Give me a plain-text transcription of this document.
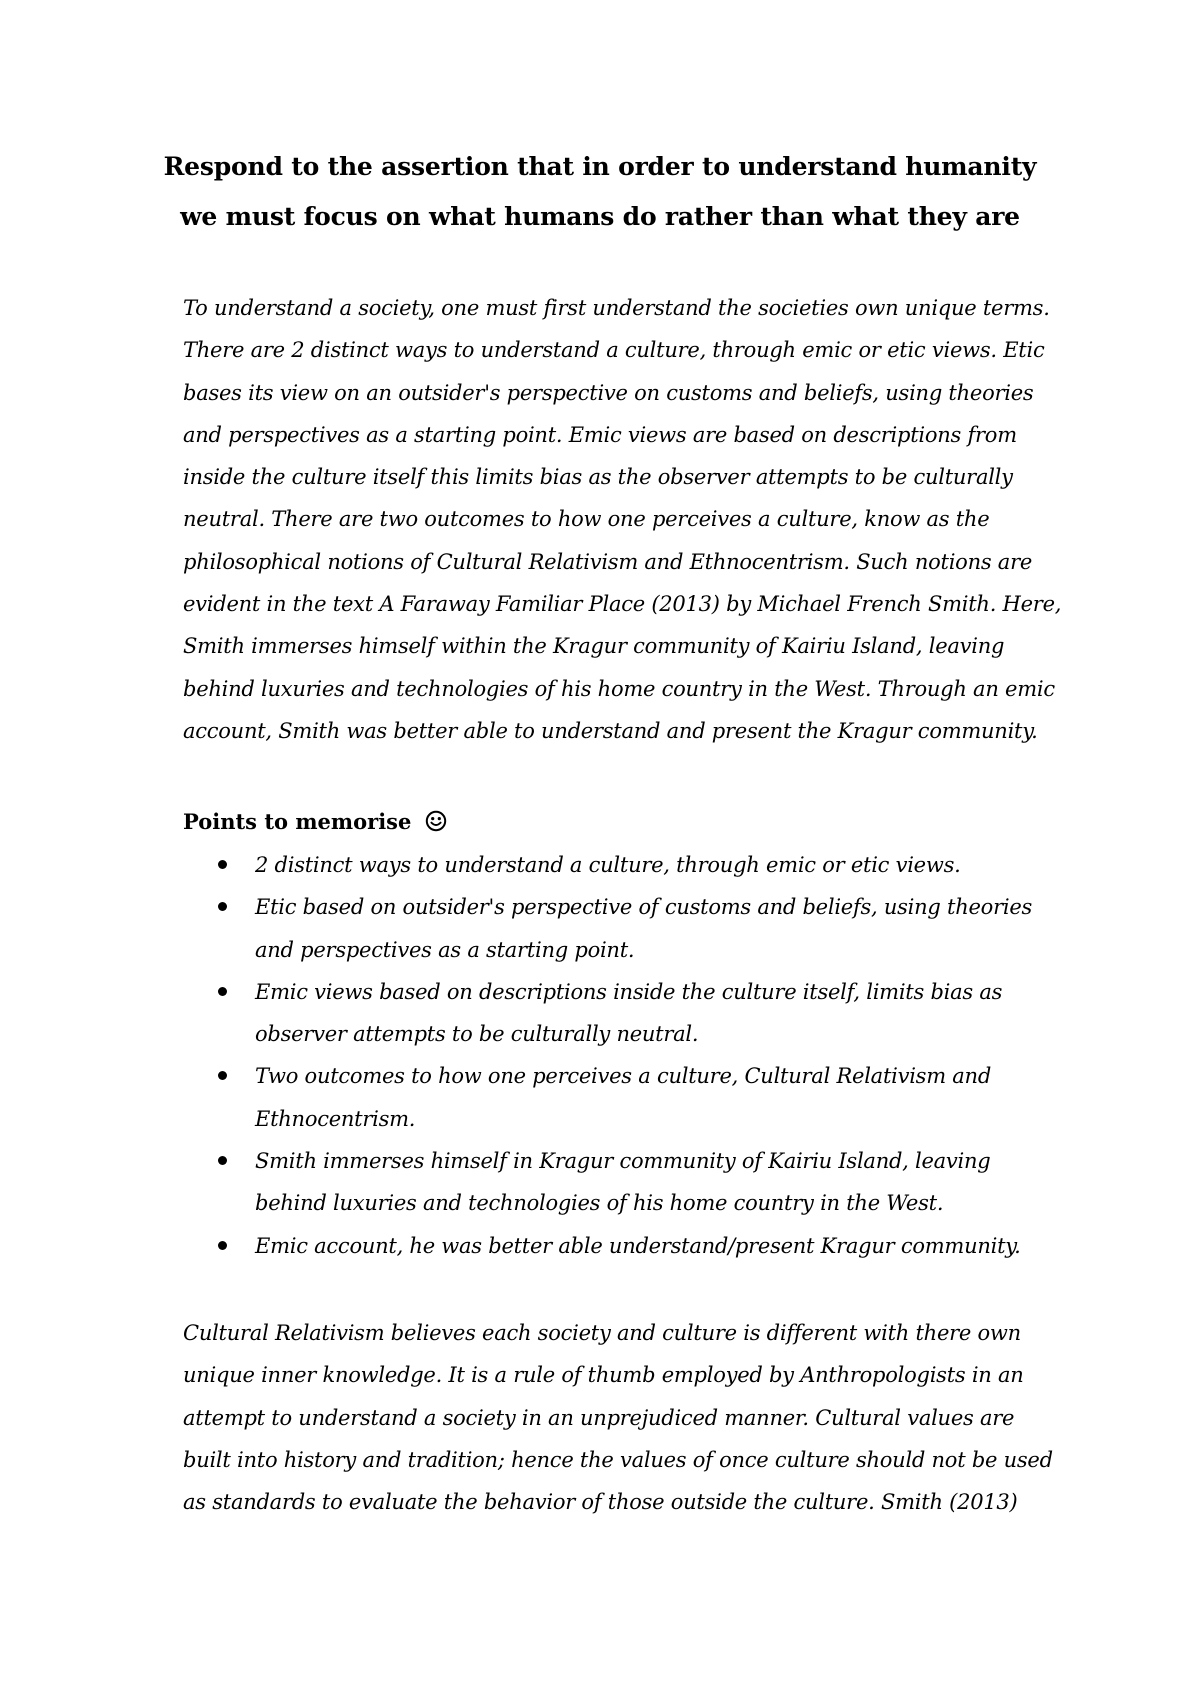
Respond to the assertion that in order to understand humanity
we must focus on what humans do rather than what they are

To understand a society, one must first understand the societies own unique terms.
There are 2 distinct ways to understand a culture, through emic or etic views. Etic
bases its view on an outsider's perspective on customs and beliefs, using theories
and perspectives as a starting point. Emic views are based on descriptions from
inside the culture itself this limits bias as the observer attempts to be culturally
neutral. There are two outcomes to how one perceives a culture, know as the
philosophical notions of Cultural Relativism and Ethnocentrism. Such notions are
evident in the text A Faraway Familiar Place (2013) by Michael French Smith. Here,
Smith immerses himself within the Kragur community of Kairiu Island, leaving
behind luxuries and technologies of his home country in the West. Through an emic
account, Smith was better able to understand and present the Kragur community.

Points to memorise
2 distinct ways to understand a culture, through emic or etic views.
Etic based on outsider's perspective of customs and beliefs, using theories
and perspectives as a starting point.
Emic views based on descriptions inside the culture itself, limits bias as
observer attempts to be culturally neutral.
Two outcomes to how one perceives a culture, Cultural Relativism and
Ethnocentrism.
Smith immerses himself in Kragur community of Kairiu Island, leaving
behind luxuries and technologies of his home country in the West.
Emic account, he was better able understand/present Kragur community.

Cultural Relativism believes each society and culture is different with there own
unique inner knowledge. It is a rule of thumb employed by Anthropologists in an
attempt to understand a society in an unprejudiced manner. Cultural values are
built into history and tradition; hence the values of once culture should not be used
as standards to evaluate the behavior of those outside the culture. Smith (2013)
